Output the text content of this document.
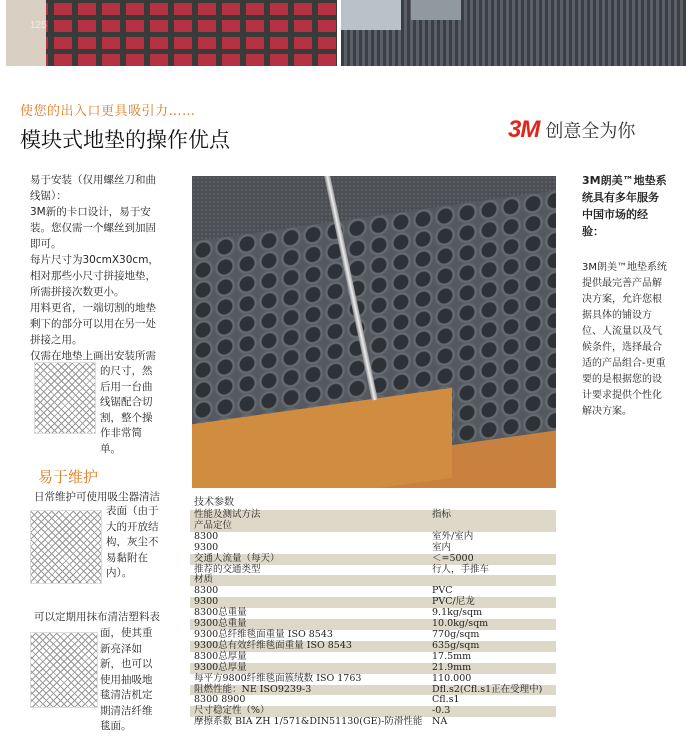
125
使您的出入口更具吸引力……
模块式地垫的操作优点	3M 创意全为你

易于安装（仅用螺丝刀和曲

线锯）：

3M新的卡口设计，易于安

装。您仅需一个螺丝到加固

即可。

每片尺寸为30cmX30cm，

相对那些小尺寸拼接地垫，

所需拼接次数更小。

用料更省，一端切割的地垫

剩下的部分可以用在另一处

拼接之用。

仅需在地垫上画出安装所需

的尺寸，然
后用一台曲
线锯配合切
割，整个操
作非常简
单。
易于维护
日常维护可使用吸尘器清洁
表面（由于
大的开放结
构，灰尘不
易黏附在
内）。
可以定期用抹布清洁塑料表
面，使其重
新亮泽如
新，也可以
使用抽吸地
毯清洁机定
期清洁纤维
毯面。
3M朗美™地垫系
统具有多年服务
中国市场的经
验：
3M朗美™地垫系统
提供最完善产品解
决方案，允许您根
据具体的铺设方
位、人流量以及气
候条件，选择最合
适的产品组合-更重
要的是根据您的设
计要求提供个性化
解决方案。
技术参数
性能及测试方法	指标
产品定位	
8300	室外/室内
9300	室内
交通人流量（每天）	＜=5000
推荐的交通类型	行人，手推车
材质	
8300	PVC
9300	PVC/尼龙
8300总重量	9.1kg/sqm
9300总重量	10.0kg/sqm
9300总纤维毯面重量 ISO 8543	770g/sqm
9300总有效纤维毯面重量 ISO 8543	635g/sqm
8300总厚量	17.5mm
9300总厚量	21.9mm
每平方9800纤维毯面簇绒数 ISO 1763	110.000
阻燃性能：NE ISO9239-3	Dfl.s2(Cfl.s1正在受理中)
8300 8900	Cfl.s1
尺寸稳定性（%）	-0.3
摩擦系数 BIA ZH 1/571&DIN51130(GE)-防滑性能	NA
